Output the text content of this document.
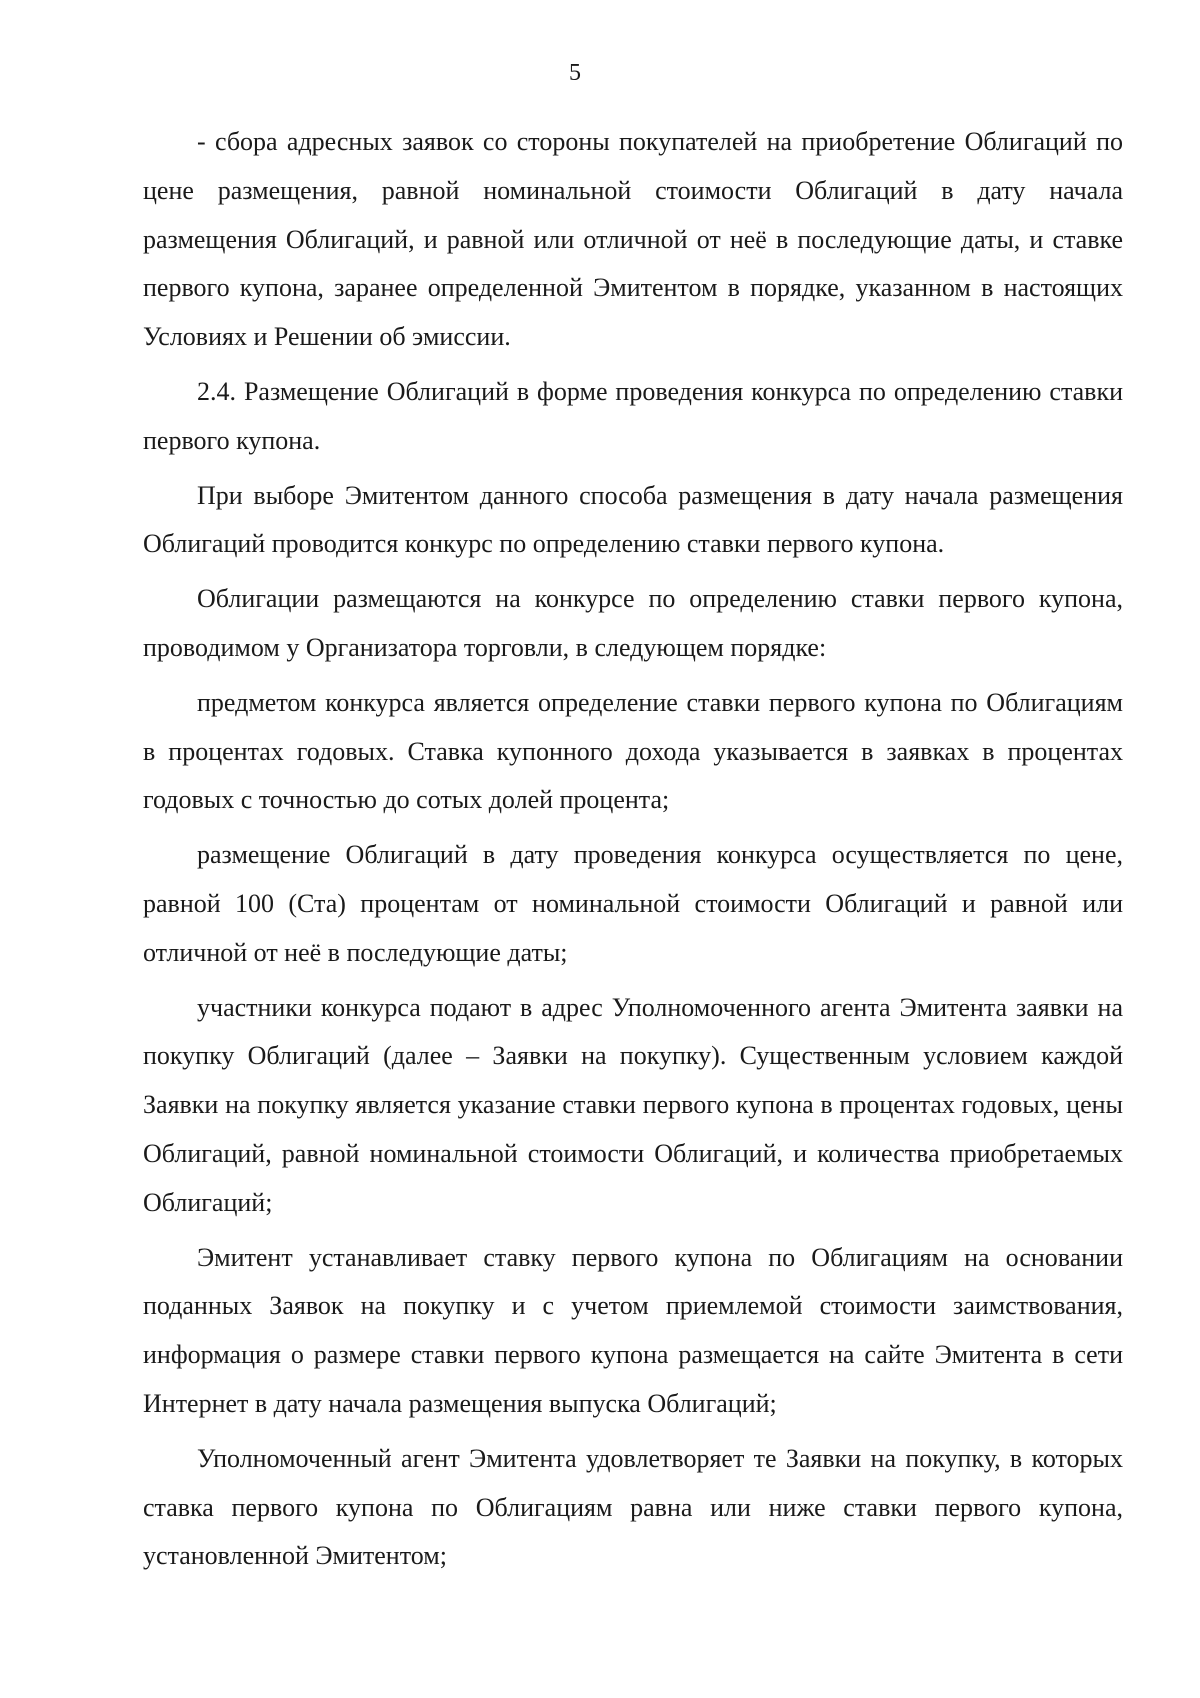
5

- сбора адресных заявок со стороны покупателей на приобретение Облигаций по цене размещения, равной номинальной стоимости Облигаций в дату начала размещения Облигаций, и равной или отличной от неё в последующие даты, и ставке первого купона, заранее определенной Эмитентом в порядке, указанном в настоящих Условиях и Решении об эмиссии.

2.4. Размещение Облигаций в форме проведения конкурса по определению ставки первого купона.

При выборе Эмитентом данного способа размещения в дату начала размещения Облигаций проводится конкурс по определению ставки первого купона.

Облигации размещаются на конкурсе по определению ставки первого купона, проводимом у Организатора торговли, в следующем порядке:

предметом конкурса является определение ставки первого купона по Облигациям в процентах годовых. Ставка купонного дохода указывается в заявках в процентах годовых с точностью до сотых долей процента;

размещение Облигаций в дату проведения конкурса осуществляется по цене, равной 100 (Ста) процентам от номинальной стоимости Облигаций и равной или отличной от неё в последующие даты;

участники конкурса подают в адрес Уполномоченного агента Эмитента заявки на покупку Облигаций (далее – Заявки на покупку). Существенным условием каждой Заявки на покупку является указание ставки первого купона в процентах годовых, цены Облигаций, равной номинальной стоимости Облигаций, и количества приобретаемых Облигаций;

Эмитент устанавливает ставку первого купона по Облигациям на основании поданных Заявок на покупку и с учетом приемлемой стоимости заимствования, информация о размере ставки первого купона размещается на сайте Эмитента в сети Интернет в дату начала размещения выпуска Облигаций;

Уполномоченный агент Эмитента удовлетворяет те Заявки на покупку, в которых ставка первого купона по Облигациям равна или ниже ставки первого купона, установленной Эмитентом;
